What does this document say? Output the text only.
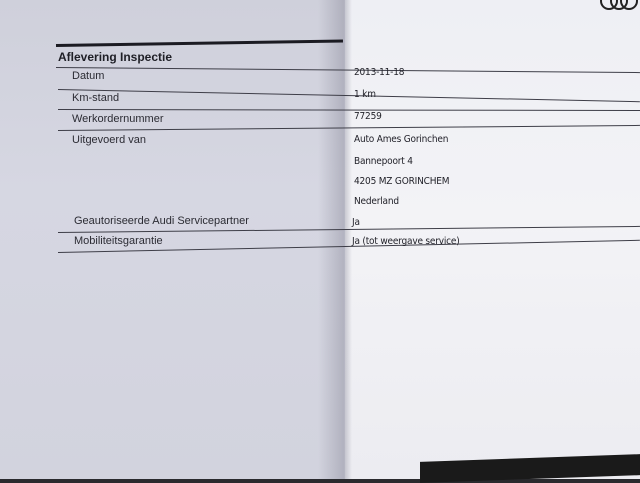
Aflevering Inspectie
Datum
Km-stand
Werkordernummer
Uitgevoerd van
Geautoriseerde Audi Servicepartner
Mobiliteitsgarantie
2013-11-18
1 km
77259
Auto Ames Gorinchen
Bannepoort 4
4205 MZ GORINCHEM
Nederland
Ja
Ja (tot weergave service)
